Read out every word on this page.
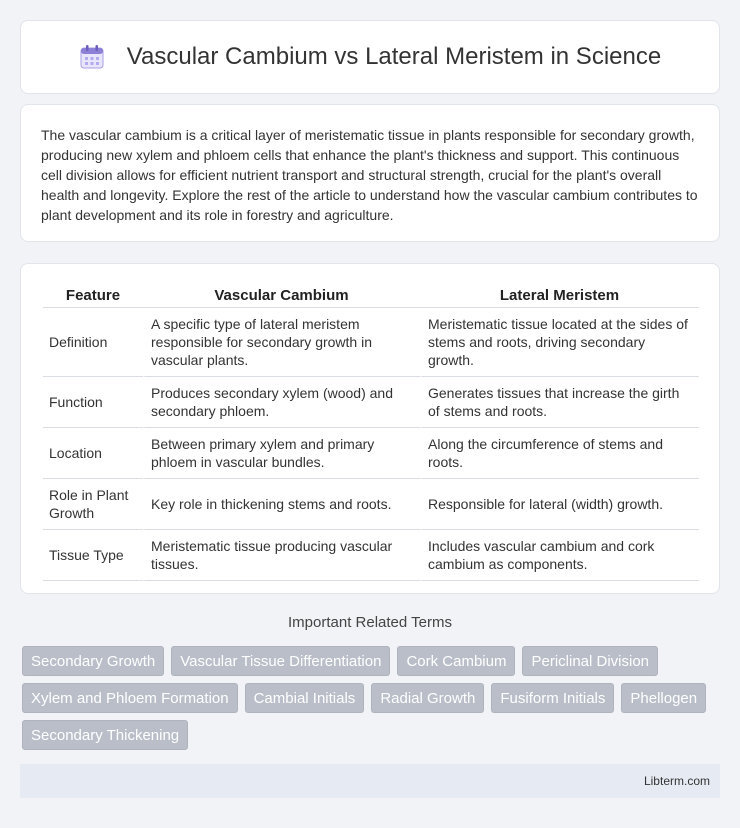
Vascular Cambium vs Lateral Meristem in Science

The vascular cambium is a critical layer of meristematic tissue in plants responsible for secondary growth, producing new xylem and phloem cells that enhance the plant's thickness and support. This continuous cell division allows for efficient nutrient transport and structural strength, crucial for the plant's overall health and longevity. Explore the rest of the article to understand how the vascular cambium contributes to plant development and its role in forestry and agriculture.

Feature	Vascular Cambium	Lateral Meristem
Definition	A specific type of lateral meristem responsible for secondary growth in vascular plants.	Meristematic tissue located at the sides of stems and roots, driving secondary growth.
Function	Produces secondary xylem (wood) and secondary phloem.	Generates tissues that increase the girth of stems and roots.
Location	Between primary xylem and primary phloem in vascular bundles.	Along the circumference of stems and roots.
Role in Plant Growth	Key role in thickening stems and roots.	Responsible for lateral (width) growth.
Tissue Type	Meristematic tissue producing vascular tissues.	Includes vascular cambium and cork cambium as components.
Important Related Terms
Secondary Growth	Vascular Tissue Differentiation	Cork Cambium	Periclinal Division
Xylem and Phloem Formation	Cambial Initials	Radial Growth	Fusiform Initials	Phellogen
Secondary Thickening
Libterm.com
